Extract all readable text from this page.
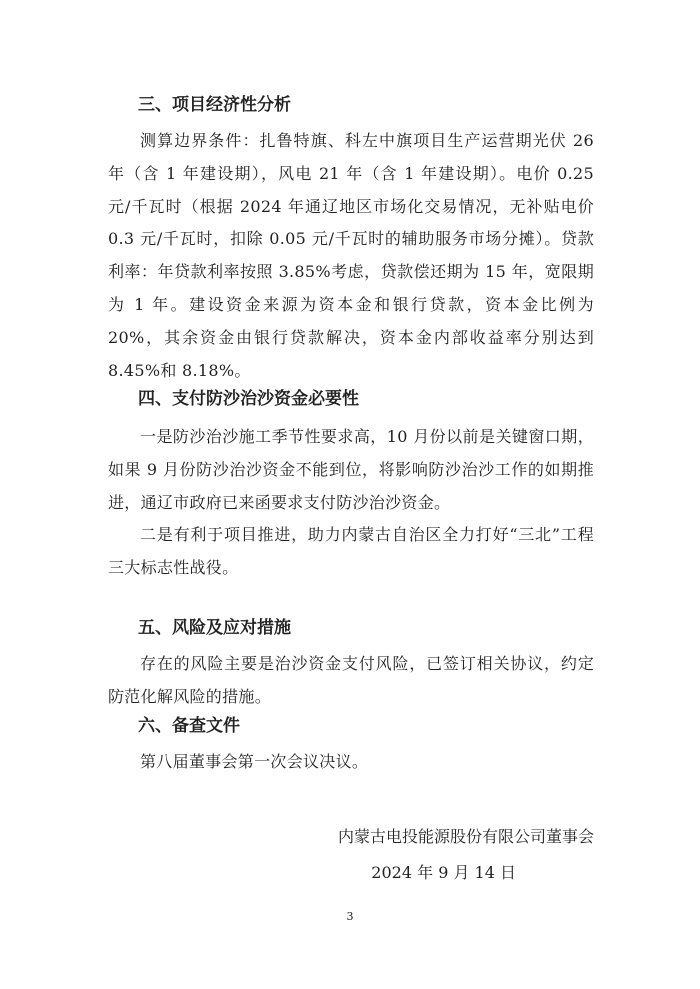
三、项目经济性分析

测算边界条件：扎鲁特旗、科左中旗项目生产运营期光伏 26 年（含 1 年建设期），风电 21 年（含 1 年建设期）。电价 0.25 元/千瓦时（根据 2024 年通辽地区市场化交易情况，无补贴电价 0.3 元/千瓦时，扣除 0.05 元/千瓦时的辅助服务市场分摊）。贷款利率：年贷款利率按照 3.85%考虑，贷款偿还期为 15 年，宽限期为 1 年。建设资金来源为资本金和银行贷款，资本金比例为 20%，其余资金由银行贷款解决，资本金内部收益率分别达到 8.45%和 8.18%。

四、支付防沙治沙资金必要性

一是防沙治沙施工季节性要求高，10 月份以前是关键窗口期，如果 9 月份防沙治沙资金不能到位，将影响防沙治沙工作的如期推进，通辽市政府已来函要求支付防沙治沙资金。

二是有利于项目推进，助力内蒙古自治区全力打好“三北”工程三大标志性战役。

五、风险及应对措施

存在的风险主要是治沙资金支付风险，已签订相关协议，约定防范化解风险的措施。

六、备查文件

第八届董事会第一次会议决议。

内蒙古电投能源股份有限公司董事会

2024 年 9 月 14 日

3
